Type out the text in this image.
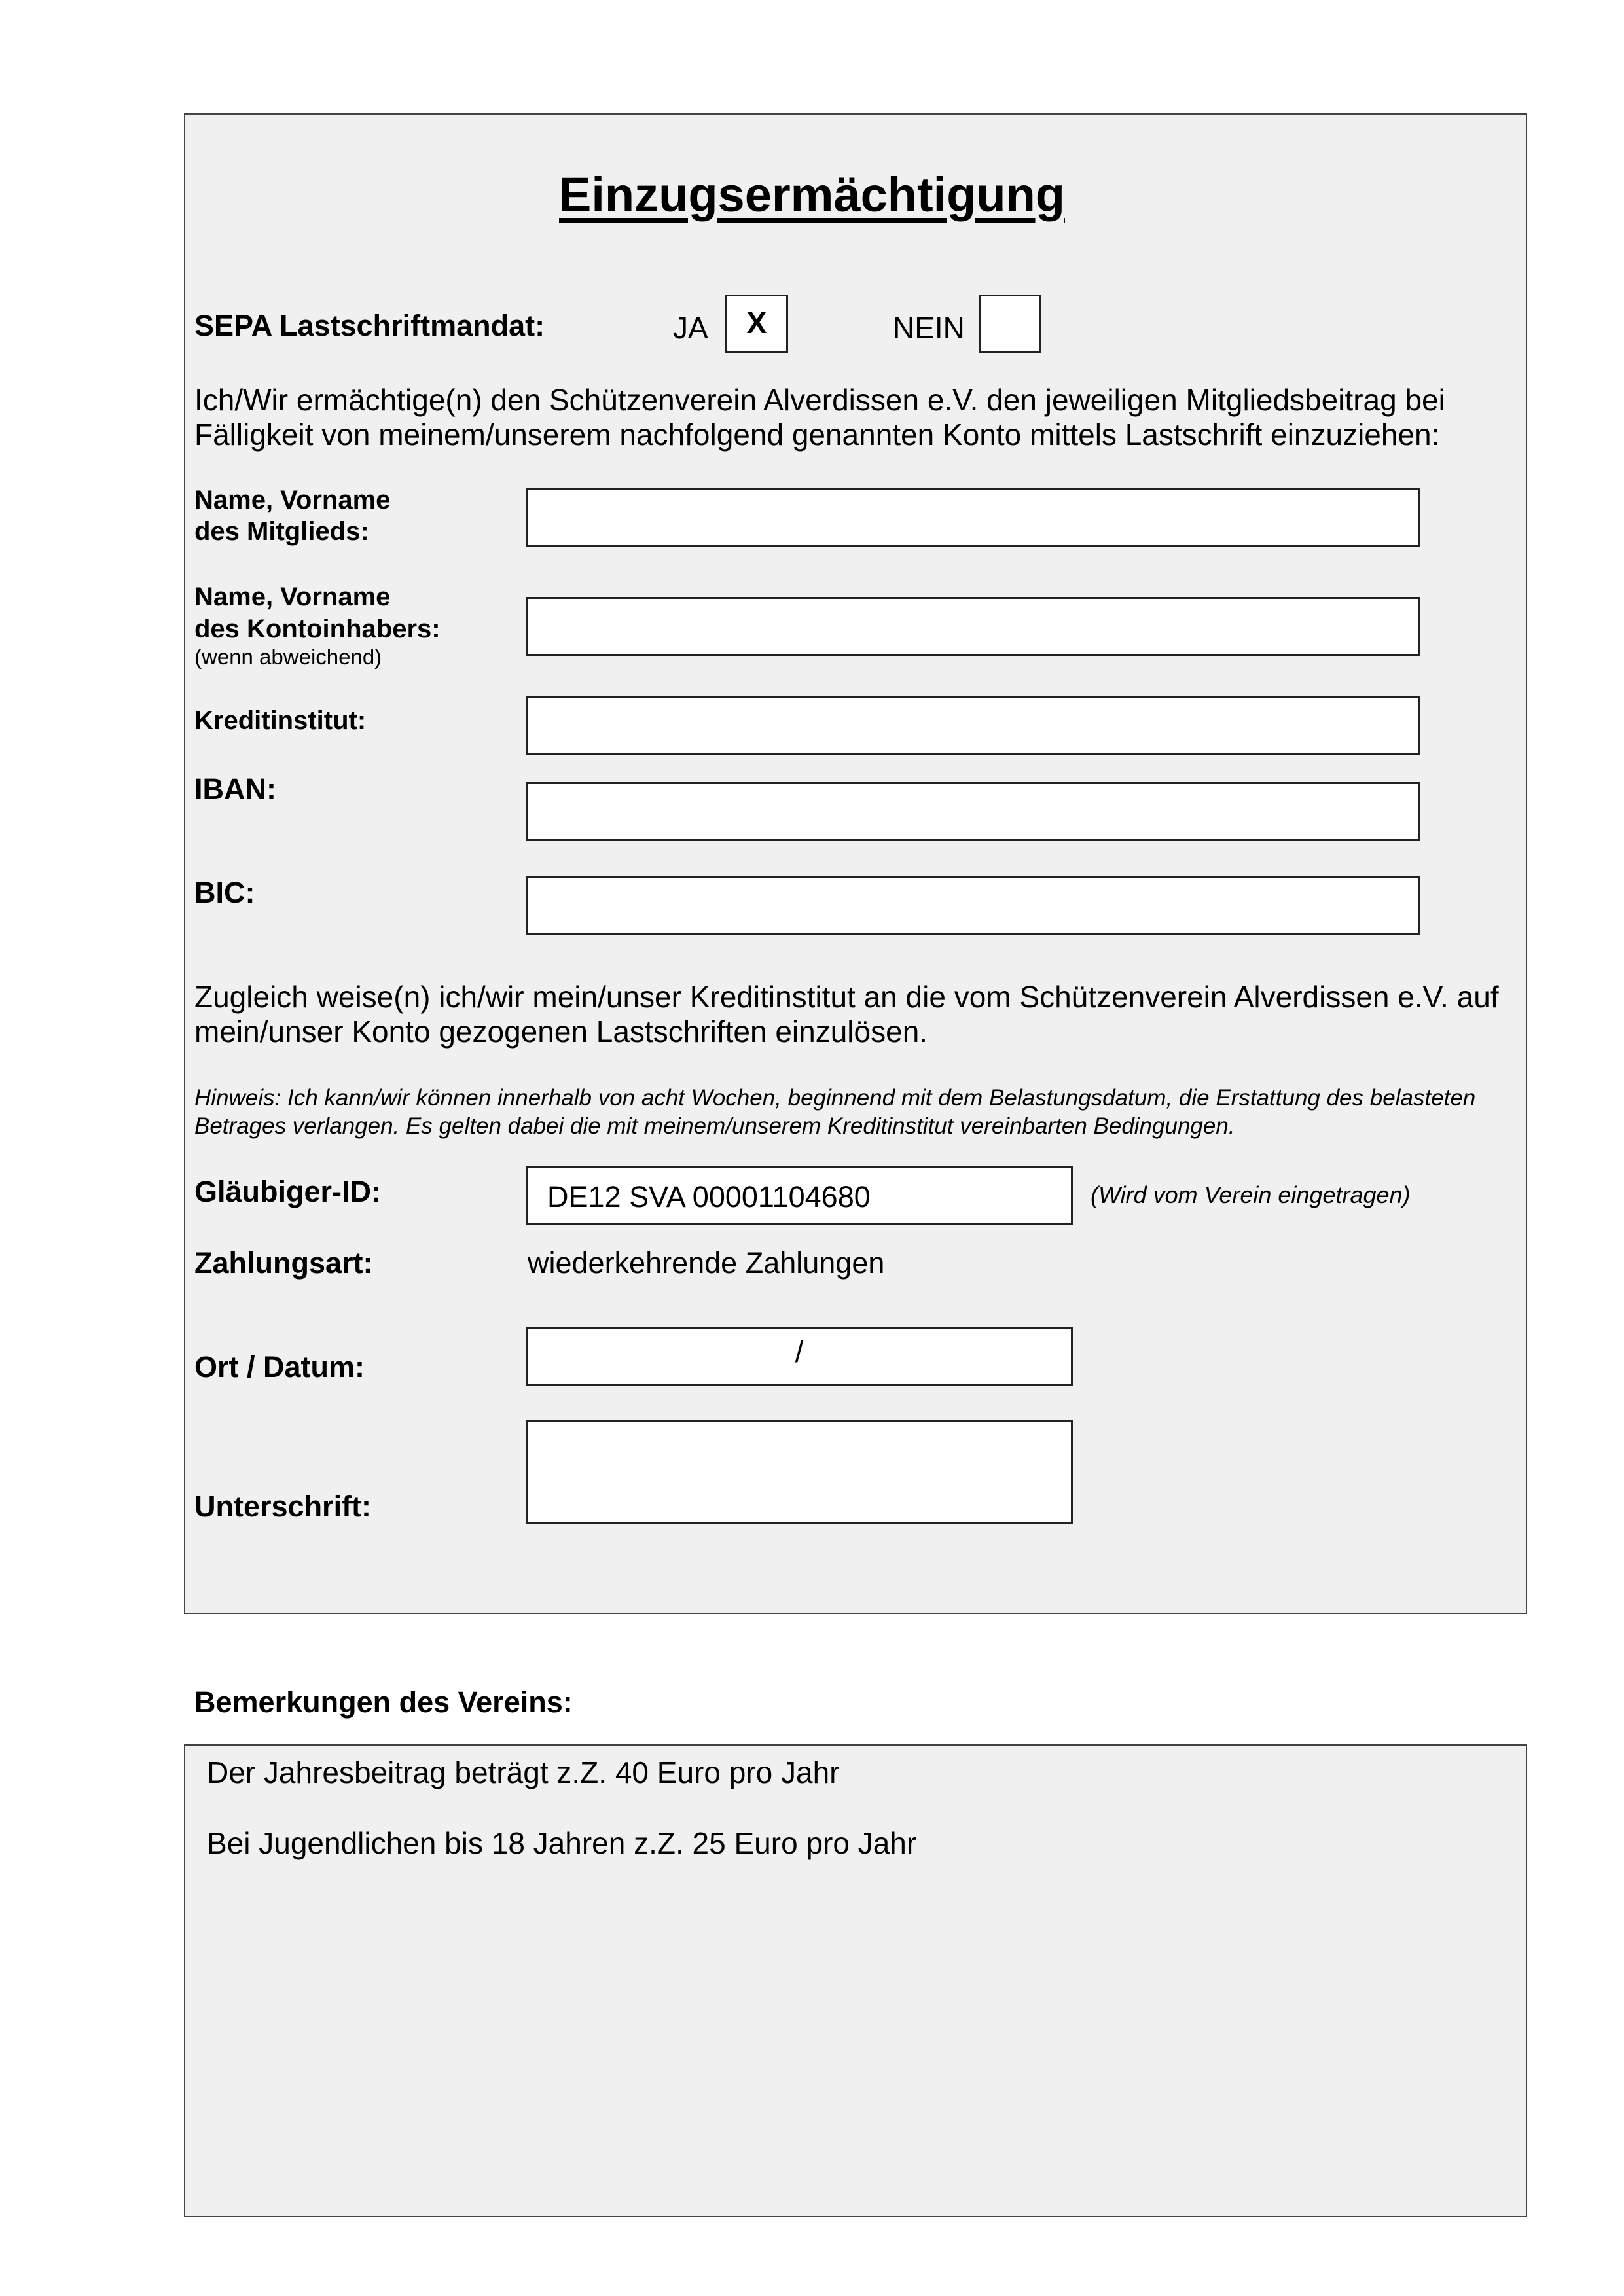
Einzugsermächtigung
SEPA Lastschriftmandat:	JA	X	NEIN
Ich/Wir ermächtige(n) den Schützenverein Alverdissen e.V. den jeweiligen Mitgliedsbeitrag bei Fälligkeit von meinem/unserem nachfolgend genannten Konto mittels Lastschrift einzuziehen:
Name, Vorname
des Mitglieds:
Name, Vorname
des Kontoinhabers:
(wenn abweichend)
Kreditinstitut:
IBAN:
BIC:
Zugleich weise(n) ich/wir mein/unser Kreditinstitut an die vom Schützenverein Alverdissen e.V. auf mein/unser Konto gezogenen Lastschriften einzulösen.
Hinweis: Ich kann/wir können innerhalb von acht Wochen, beginnend mit dem Belastungsdatum, die Erstattung des belasteten Betrages verlangen. Es gelten dabei die mit meinem/unserem Kreditinstitut vereinbarten Bedingungen.
Gläubiger-ID:	DE12 SVA 00001104680	(Wird vom Verein eingetragen)
Zahlungsart:	wiederkehrende Zahlungen
Ort / Datum:	/
Unterschrift:
Bemerkungen des Vereins:
Der Jahresbeitrag beträgt z.Z. 40 Euro pro Jahr
Bei Jugendlichen bis 18 Jahren z.Z. 25 Euro pro Jahr
